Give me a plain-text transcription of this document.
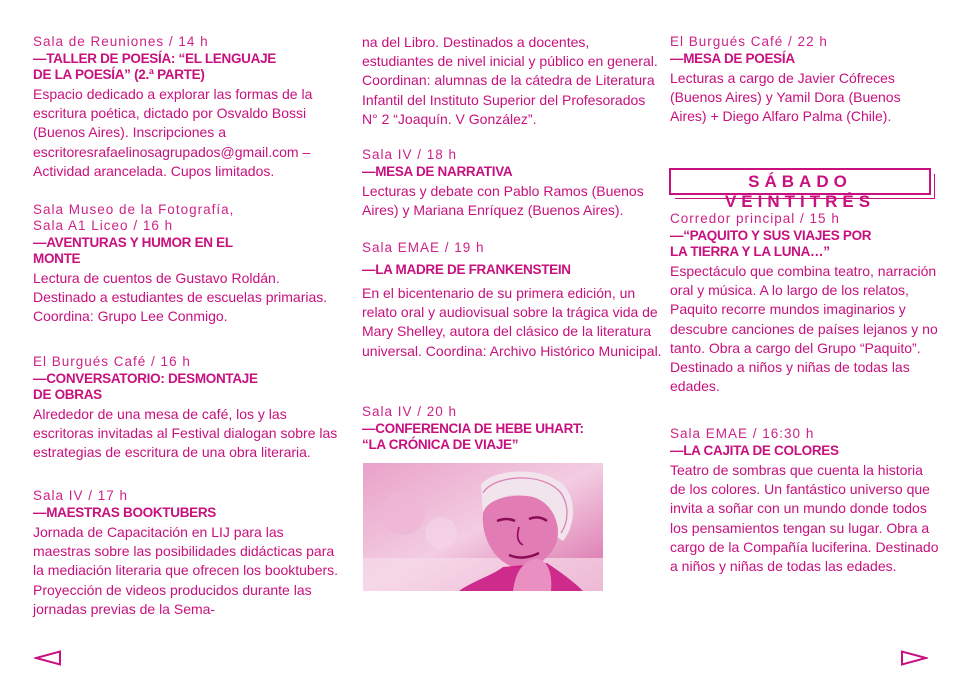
Sala de Reuniones / 14 h
—TALLER DE POESÍA: “EL LENGUAJE
DE LA POESÍA” (2.ª PARTE)
Espacio dedicado a explorar las formas de la escritura poética, dictado por Osvaldo Bossi (Buenos Aires). Inscripciones a escritoresrafaelinosagrupados@gmail.com – Actividad arancelada. Cupos limitados.
Sala Museo de la Fotografía,
Sala A1 Liceo / 16 h
—AVENTURAS Y HUMOR EN EL
MONTE
Lectura de cuentos de Gustavo Roldán. Destinado a estudiantes de escuelas primarias. Coordina: Grupo Lee Conmigo.
El Burgués Café / 16 h
—CONVERSATORIO: DESMONTAJE
DE OBRAS
Alrededor de una mesa de café, los y las escritoras invitadas al Festival dialogan sobre las estrategias de escritura de una obra literaria.
Sala IV / 17 h
—MAESTRAS BOOKTUBERS
Jornada de Capacitación en LIJ para las maestras sobre las posibilidades didácticas para la mediación literaria que ofrecen los booktubers. Proyección de videos producidos durante las jornadas previas de la Sema-
na del Libro. Destinados a docentes, estudiantes de nivel inicial y público en general. Coordinan: alumnas de la cátedra de Literatura Infantil del Instituto Superior del Profesorados N° 2 “Joaquín. V González”.
Sala IV / 18 h
—MESA DE NARRATIVA
Lecturas y debate con Pablo Ramos (Buenos Aires) y Mariana Enríquez (Buenos Aires).
Sala EMAE / 19 h
—LA MADRE DE FRANKENSTEIN
En el bicentenario de su primera edición, un relato oral y audiovisual sobre la trágica vida de Mary Shelley, autora del clásico de la literatura universal. Coordina: Archivo Histórico Municipal.
Sala IV / 20 h
—CONFERENCIA DE HEBE UHART:
“LA CRÓNICA DE VIAJE”
El Burgués Café / 22 h
—MESA DE POESÍA
Lecturas a cargo de Javier Cófreces (Buenos Aires) y Yamil Dora (Buenos Aires) + Diego Alfaro Palma (Chile).
Corredor principal / 15 h
—“PAQUITO Y SUS VIAJES POR
LA TIERRA Y LA LUNA…”
Espectáculo que combina teatro, narración oral y música. A lo largo de los relatos, Paquito recorre mundos imaginarios y descubre canciones de países lejanos y no tanto. Obra a cargo del Grupo “Paquito”. Destinado a niños y niñas de todas las edades.
Sala EMAE / 16:30 h
—LA CAJITA DE COLORES
Teatro de sombras que cuenta la historia de los colores. Un fantástico universo que invita a soñar con un mundo donde todos los pensamientos tengan su lugar. Obra a cargo de la Compañía luciferina. Destinado a niños y niñas de todas las edades.
SÁBADO VEINTITRÉS
